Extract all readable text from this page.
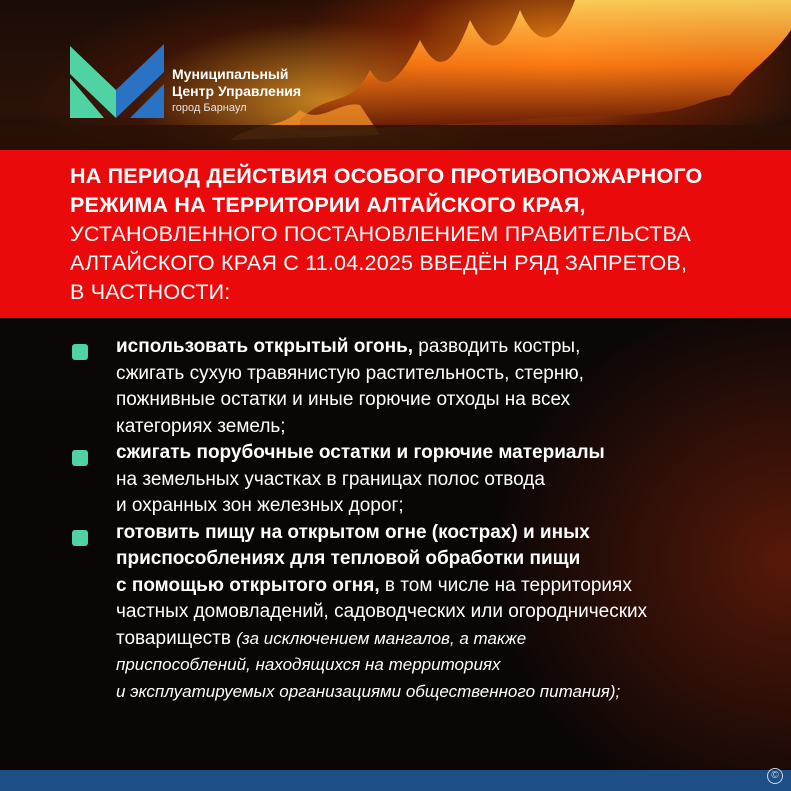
Муниципальный
Центр Управления
город Барнаул

НА ПЕРИОД ДЕЙСТВИЯ ОСОБОГО ПРОТИВОПОЖАРНОГО

РЕЖИМА НА ТЕРРИТОРИИ АЛТАЙСКОГО КРАЯ,

УСТАНОВЛЕННОГО ПОСТАНОВЛЕНИЕМ ПРАВИТЕЛЬСТВА

АЛТАЙСКОГО КРАЯ С 11.04.2025 ВВЕДЁН РЯД ЗАПРЕТОВ,

В ЧАСТНОСТИ:

использовать открытый огонь, разводить костры,
сжигать сухую травянистую растительность, стерню,
пожнивные остатки и иные горючие отходы на всех
категориях земель;
сжигать порубочные остатки и горючие материалы
на земельных участках в границах полос отвода
и охранных зон железных дорог;
готовить пищу на открытом огне (кострах) и иных
приспособлениях для тепловой обработки пищи
с помощью открытого огня, в том числе на территориях
частных домовладений, садоводческих или огороднических
товариществ (за исключением мангалов, а также
приспособлений, находящихся на территориях
и эксплуатируемых организациями общественного питания);
©
